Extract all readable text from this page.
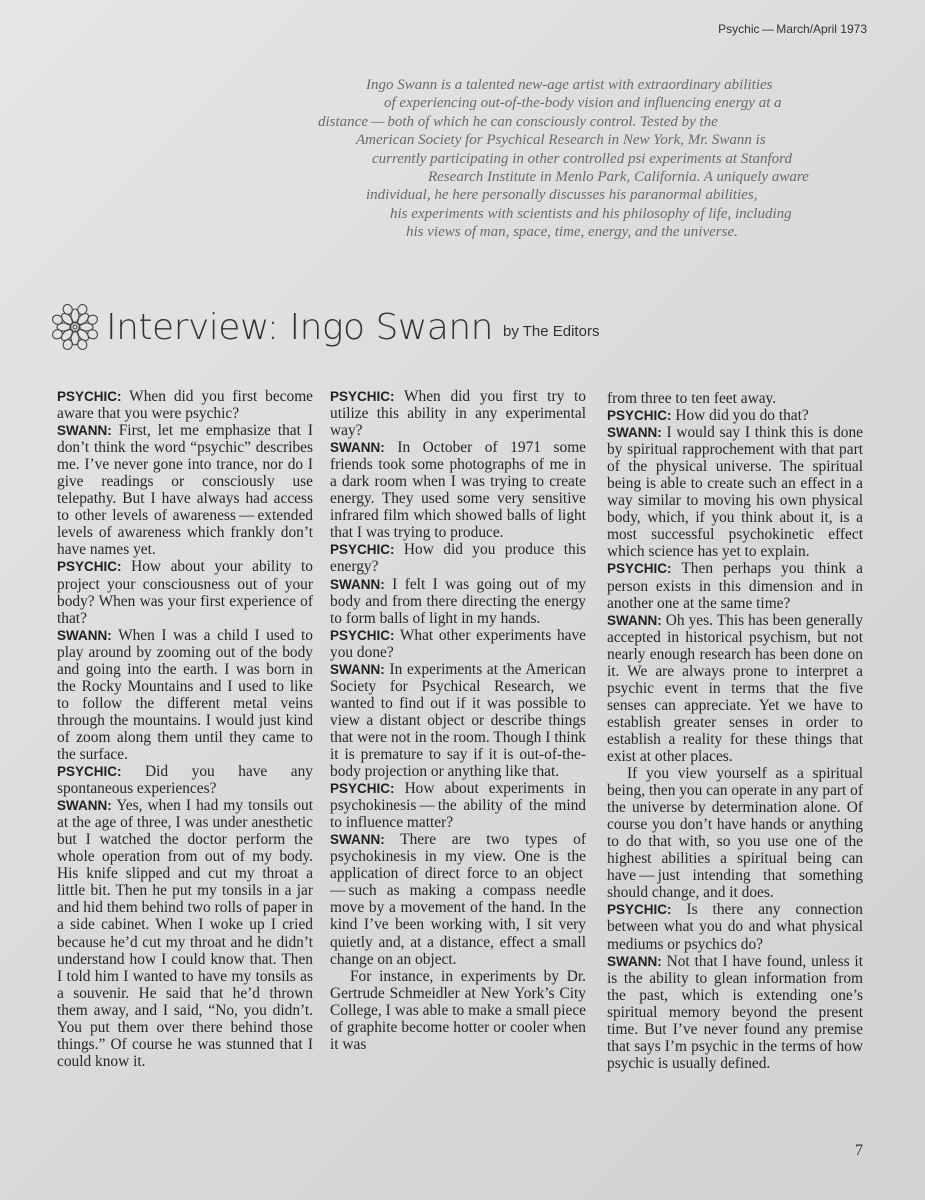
Psychic — March/April 1973
Ingo Swann is a talented new-age artist with extraordinary abilities
of experiencing out-of-the-body vision and influencing energy at a
distance — both of which he can consciously control. Tested by the
American Society for Psychical Research in New York, Mr. Swann is
currently participating in other controlled psi experiments at Stanford
Research Institute in Menlo Park, California. A uniquely aware
individual, he here personally discusses his paranormal abilities,
his experiments with scientists and his philosophy of life, including
his views of man, space, time, energy, and the universe.
Interview: Ingo Swann by The Editors

PSYCHIC: When did you first become aware that you were psychic?

SWANN: First, let me emphasize that I don’t think the word “psychic” describes me. I’ve never gone into trance, nor do I give readings or consciously use telepathy. But I have always had access to other levels of awareness — extended levels of awareness which frankly don’t have names yet.

PSYCHIC: How about your ability to project your consciousness out of your body? When was your first experience of that?

SWANN: When I was a child I used to play around by zooming out of the body and going into the earth. I was born in the Rocky Mountains and I used to like to follow the different metal veins through the mountains. I would just kind of zoom along them until they came to the surface.

PSYCHIC: Did you have any spontaneous experiences?

SWANN: Yes, when I had my tonsils out at the age of three, I was under anesthetic but I watched the doctor perform the whole operation from out of my body. His knife slipped and cut my throat a little bit. Then he put my tonsils in a jar and hid them behind two rolls of paper in a side cabinet. When I woke up I cried because he’d cut my throat and he didn’t understand how I could know that. Then I told him I wanted to have my tonsils as a souvenir. He said that he’d thrown them away, and I said, “No, you didn’t. You put them over there behind those things.” Of course he was stunned that I could know it.

PSYCHIC: When did you first try to utilize this ability in any experimental way?

SWANN: In October of 1971 some friends took some photographs of me in a dark room when I was trying to create energy. They used some very sensitive infrared film which showed balls of light that I was trying to produce.

PSYCHIC: How did you produce this energy?

SWANN: I felt I was going out of my body and from there directing the energy to form balls of light in my hands.

PSYCHIC: What other experiments have you done?

SWANN: In experiments at the American Society for Psychical Research, we wanted to find out if it was possible to view a distant object or describe things that were not in the room. Though I think it is premature to say if it is out-of-the-body projection or anything like that.

PSYCHIC: How about experiments in psychokinesis — the ability of the mind to influence matter?

SWANN: There are two types of psychokinesis in my view. One is the application of direct force to an object — such as making a compass needle move by a movement of the hand. In the kind I’ve been working with, I sit very quietly and, at a distance, effect a small change on an object.

For instance, in experiments by Dr. Gertrude Schmeidler at New York’s City College, I was able to make a small piece of graphite become hotter or cooler when it was

from three to ten feet away.

PSYCHIC: How did you do that?

SWANN: I would say I think this is done by spiritual rapprochement with that part of the physical universe. The spiritual being is able to create such an effect in a way similar to moving his own physical body, which, if you think about it, is a most successful psychokinetic effect which science has yet to explain.

PSYCHIC: Then perhaps you think a person exists in this dimension and in another one at the same time?

SWANN: Oh yes. This has been generally accepted in historical psychism, but not nearly enough research has been done on it. We are always prone to interpret a psychic event in terms that the five senses can appreciate. Yet we have to establish greater senses in order to establish a reality for these things that exist at other places.

If you view yourself as a spiritual being, then you can operate in any part of the universe by determination alone. Of course you don’t have hands or anything to do that with, so you use one of the highest abilities a spiritual being can have — just intending that something should change, and it does.

PSYCHIC: Is there any connection between what you do and what physical mediums or psychics do?

SWANN: Not that I have found, unless it is the ability to glean information from the past, which is extending one’s spiritual memory beyond the present time. But I’ve never found any premise that says I’m psychic in the terms of how psychic is usually defined.

7
